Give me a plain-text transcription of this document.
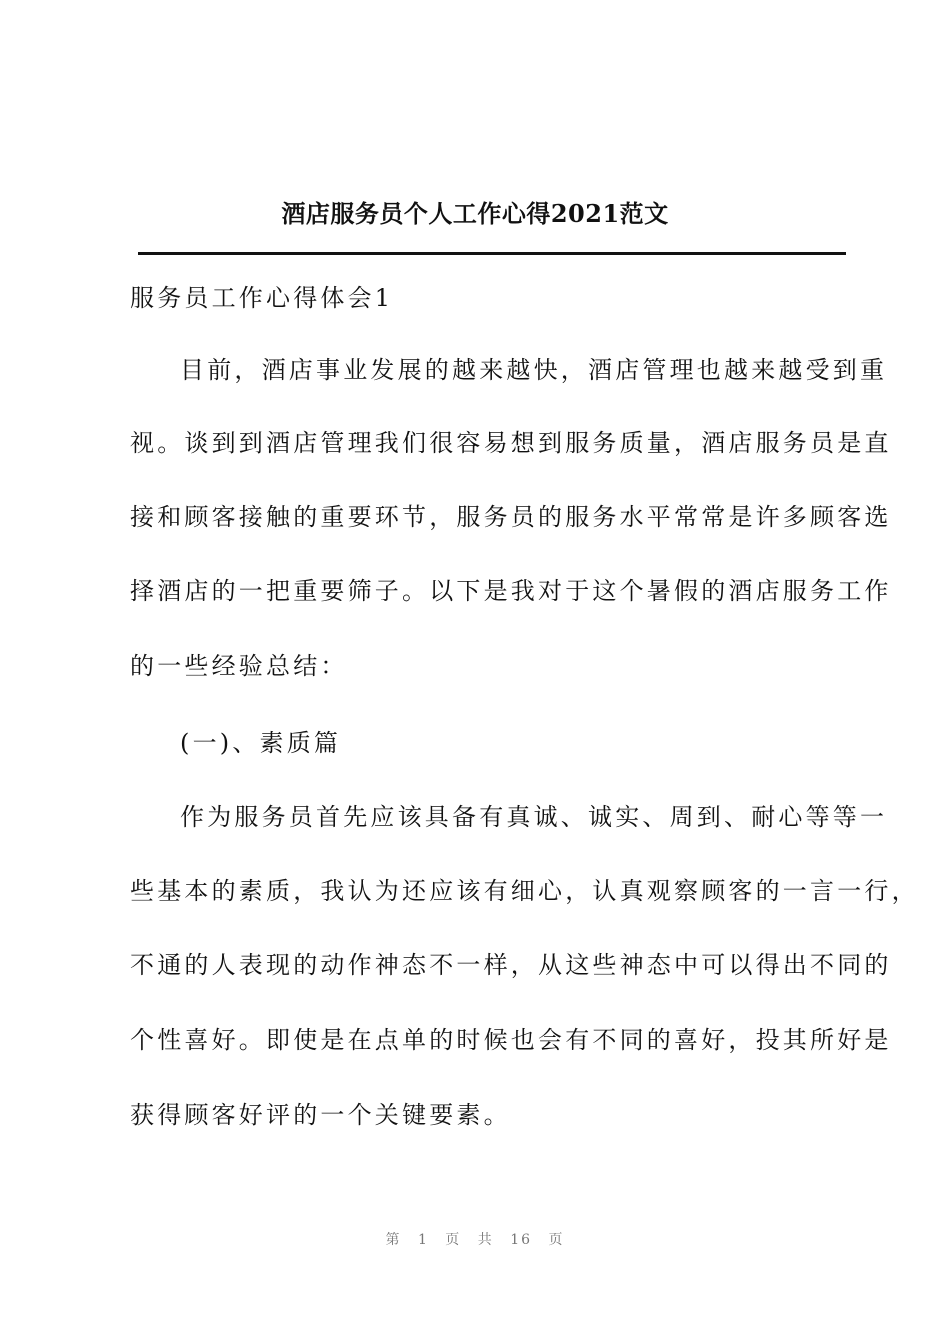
酒店服务员个人工作心得2021范文
服务员工作心得体会1
目前，酒店事业发展的越来越快，酒店管理也越来越受到重
视。谈到到酒店管理我们很容易想到服务质量，酒店服务员是直
接和顾客接触的重要环节，服务员的服务水平常常是许多顾客选
择酒店的一把重要筛子。以下是我对于这个暑假的酒店服务工作
的一些经验总结：
(一)、素质篇
作为服务员首先应该具备有真诚、诚实、周到、耐心等等一
些基本的素质，我认为还应该有细心，认真观察顾客的一言一行，
不通的人表现的动作神态不一样，从这些神态中可以得出不同的
个性喜好。即使是在点单的时候也会有不同的喜好，投其所好是
获得顾客好评的一个关键要素。
第 1 页 共 16 页
